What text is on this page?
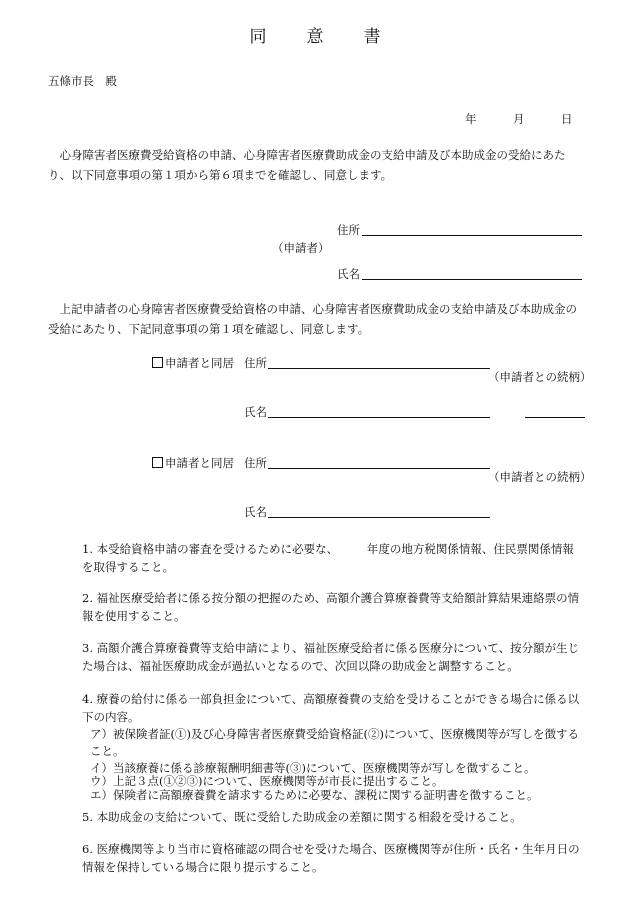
同 意 書
五條市長　殿
年	月	日
　心身障害者医療費受給資格の申請、心身障害者医療費助成金の支給申請及び本助成金の受給にあたり、以下同意事項の第１項から第６項までを確認し、同意します。
住所
（申請者）
氏名
　上記申請者の心身障害者医療費受給資格の申請、心身障害者医療費助成金の支給申請及び本助成金の受給にあたり、下記同意事項の第１項を確認し、同意します。
申請者と同居 住所
（申請者との続柄）
氏名
申請者と同居 住所
（申請者との続柄）
氏名
1. 本受給資格申請の審査を受けるために必要な、　　　年度の地方税関係情報、住民票関係情報を取得すること。
2. 福祉医療受給者に係る按分額の把握のため、高額介護合算療養費等支給額計算結果連絡票の情報を使用すること。
3. 高額介護合算療養費等支給申請により、福祉医療受給者に係る医療分について、按分額が生じた場合は、福祉医療助成金が過払いとなるので、次回以降の助成金と調整すること。
4. 療養の給付に係る一部負担金について、高額療養費の支給を受けることができる場合に係る以下の内容。
ア）被保険者証(①)及び心身障害者医療費受給資格証(②)について、医療機関等が写しを徴すること。
イ）当該療養に係る診療報酬明細書等(③)について、医療機関等が写しを徴すること。
ウ）上記３点(①②③)について、医療機関等が市長に提出すること。
エ）保険者に高額療養費を請求するために必要な、課税に関する証明書を徴すること。
5. 本助成金の支給について、既に受給した助成金の差額に関する相殺を受けること。
6. 医療機関等より当市に資格確認の問合せを受けた場合、医療機関等が住所・氏名・生年月日の情報を保持している場合に限り提示すること。
